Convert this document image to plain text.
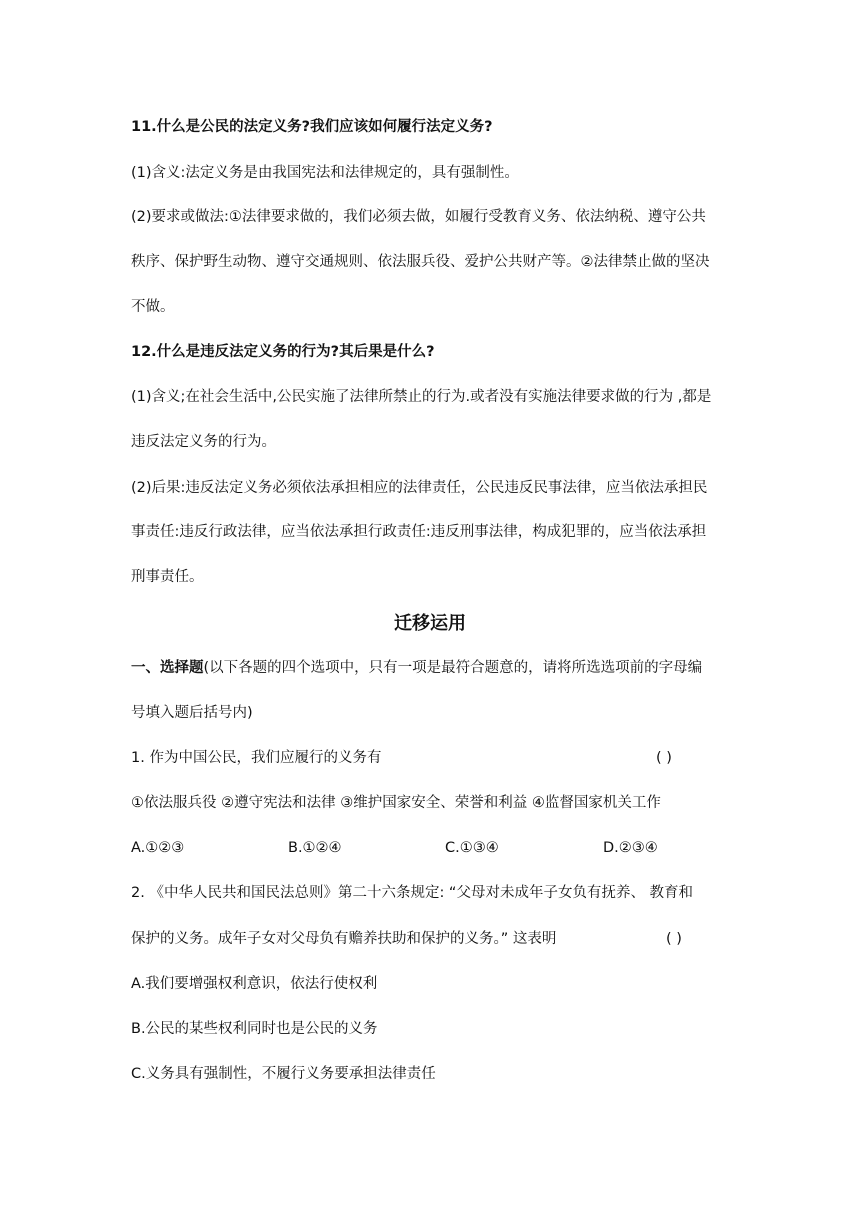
11.什么是公民的法定义务?我们应该如何履行法定义务?

(1)含义:法定义务是由我国宪法和法律规定的，具有强制性。

(2)要求或做法:①法律要求做的，我们必须去做，如履行受教育义务、依法纳税、遵守公共

秩序、保护野生动物、遵守交通规则、依法服兵役、爱护公共财产等。②法律禁止做的坚决

不做。

12.什么是违反法定义务的行为?其后果是什么?

(1)含义;在社会生活中,公民实施了法律所禁止的行为.或者没有实施法律要求做的行为 ,都是

违反法定义务的行为。

(2)后果:违反法定义务必须依法承担相应的法律责任，公民违反民事法律，应当依法承担民

事责任:违反行政法律，应当依法承担行政责任:违反刑事法律，构成犯罪的，应当依法承担

刑事责任。

迁移运用

一、选择题(以下各题的四个选项中，只有一项是最符合题意的，请将所选选项前的字母编

号填入题后括号内)

1. 作为中国公民，我们应履行的义务有	( )

①依法服兵役 ②遵守宪法和法律 ③维护国家安全、荣誉和利益 ④监督国家机关工作

A.①②③	B.①②④	C.①③④	D.②③④

2. 《中华人民共和国民法总则》第二十六条规定: “父母对未成年子女负有抚养、 教育和

保护的义务。成年子女对父母负有赡养扶助和保护的义务。” 这表明	( )

A.我们要增强权利意识，依法行使权利

B.公民的某些权利同时也是公民的义务

C.义务具有强制性，不履行义务要承担法律责任
